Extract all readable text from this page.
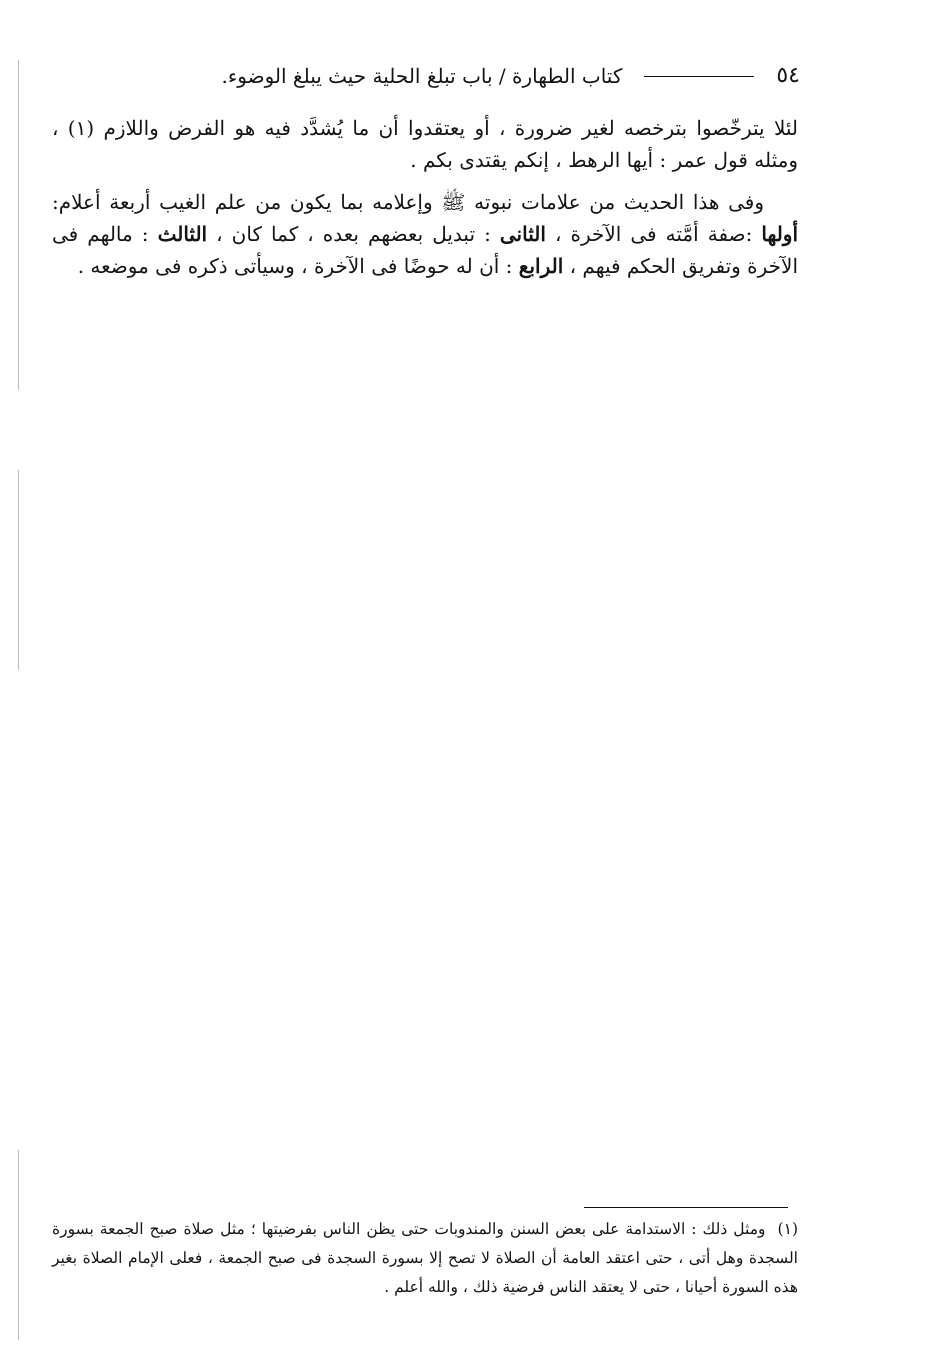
٥٤
كتاب الطهارة / باب تبلغ الحلية حيث يبلغ الوضوء.

لئلا يترخّصوا بترخصه لغير ضرورة ، أو يعتقدوا أن ما يُشدَّد فيه هو الفرض واللازم (١) ، ومثله قول عمر : أيها الرهط ، إنكم يقتدى بكم .

وفى هذا الحديث من علامات نبوته ﷺ وإعلامه بما يكون من علم الغيب أربعة أعلام: أولها :صفة أمَّته فى الآخرة ، الثانى : تبديل بعضهم بعده ، كما كان ، الثالث : مالهم فى الآخرة وتفريق الحكم فيهم ، الرابع : أن له حوضًا فى الآخرة ، وسيأتى ذكره فى موضعه .

(١) ومثل ذلك : الاستدامة على بعض السنن والمندوبات حتى يظن الناس بفرضيتها ؛ مثل صلاة صبح الجمعة بسورة السجدة وهل أتى ، حتى اعتقد العامة أن الصلاة لا تصح إلا بسورة السجدة فى صبح الجمعة ، فعلى الإمام الصلاة بغير هذه السورة أحيانا ، حتى لا يعتقد الناس فرضية ذلك ، والله أعلم .
